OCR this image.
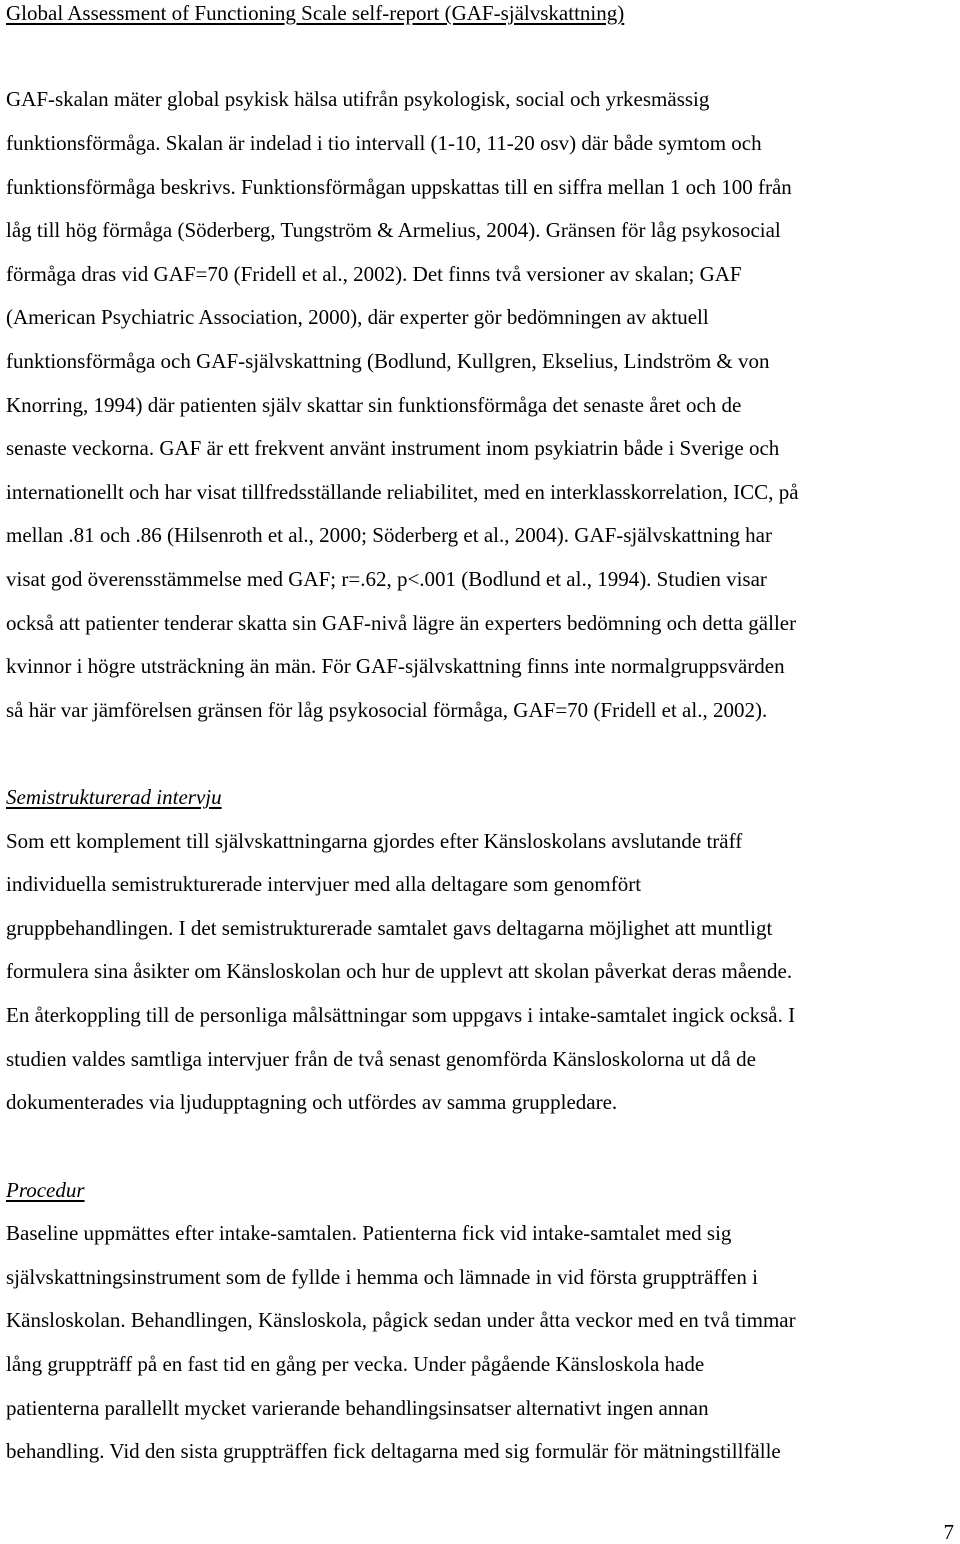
Global Assessment of Functioning Scale self-report (GAF-självskattning)
GAF-skalan mäter global psykisk hälsa utifrån psykologisk, social och yrkesmässig
funktionsförmåga. Skalan är indelad i tio intervall (1-10, 11-20 osv) där både symtom och
funktionsförmåga beskrivs. Funktionsförmågan uppskattas till en siffra mellan 1 och 100 från
låg till hög förmåga (Söderberg, Tungström & Armelius, 2004). Gränsen för låg psykosocial
förmåga dras vid GAF=70 (Fridell et al., 2002). Det finns två versioner av skalan; GAF
(American Psychiatric Association, 2000), där experter gör bedömningen av aktuell
funktionsförmåga och GAF-självskattning (Bodlund, Kullgren, Ekselius, Lindström & von
Knorring, 1994) där patienten själv skattar sin funktionsförmåga det senaste året och de
senaste veckorna. GAF är ett frekvent använt instrument inom psykiatrin både i Sverige och
internationellt och har visat tillfredsställande reliabilitet, med en interklasskorrelation, ICC, på
mellan .81 och .86 (Hilsenroth et al., 2000; Söderberg et al., 2004). GAF-självskattning har
visat god överensstämmelse med GAF; r=.62, p<.001 (Bodlund et al., 1994). Studien visar
också att patienter tenderar skatta sin GAF-nivå lägre än experters bedömning och detta gäller
kvinnor i högre utsträckning än män. För GAF-självskattning finns inte normalgruppsvärden
så här var jämförelsen gränsen för låg psykosocial förmåga, GAF=70 (Fridell et al., 2002).
Semistrukturerad intervju
Som ett komplement till självskattningarna gjordes efter Känsloskolans avslutande träff
individuella semistrukturerade intervjuer med alla deltagare som genomfört
gruppbehandlingen. I det semistrukturerade samtalet gavs deltagarna möjlighet att muntligt
formulera sina åsikter om Känsloskolan och hur de upplevt att skolan påverkat deras mående.
En återkoppling till de personliga målsättningar som uppgavs i intake-samtalet ingick också. I
studien valdes samtliga intervjuer från de två senast genomförda Känsloskolorna ut då de
dokumenterades via ljudupptagning och utfördes av samma gruppledare.
Procedur
Baseline uppmättes efter intake-samtalen. Patienterna fick vid intake-samtalet med sig
självskattningsinstrument som de fyllde i hemma och lämnade in vid första gruppträffen i
Känsloskolan. Behandlingen, Känsloskola, pågick sedan under åtta veckor med en två timmar
lång gruppträff på en fast tid en gång per vecka. Under pågående Känsloskola hade
patienterna parallellt mycket varierande behandlingsinsatser alternativt ingen annan
behandling. Vid den sista gruppträffen fick deltagarna med sig formulär för mätningstillfälle
7
